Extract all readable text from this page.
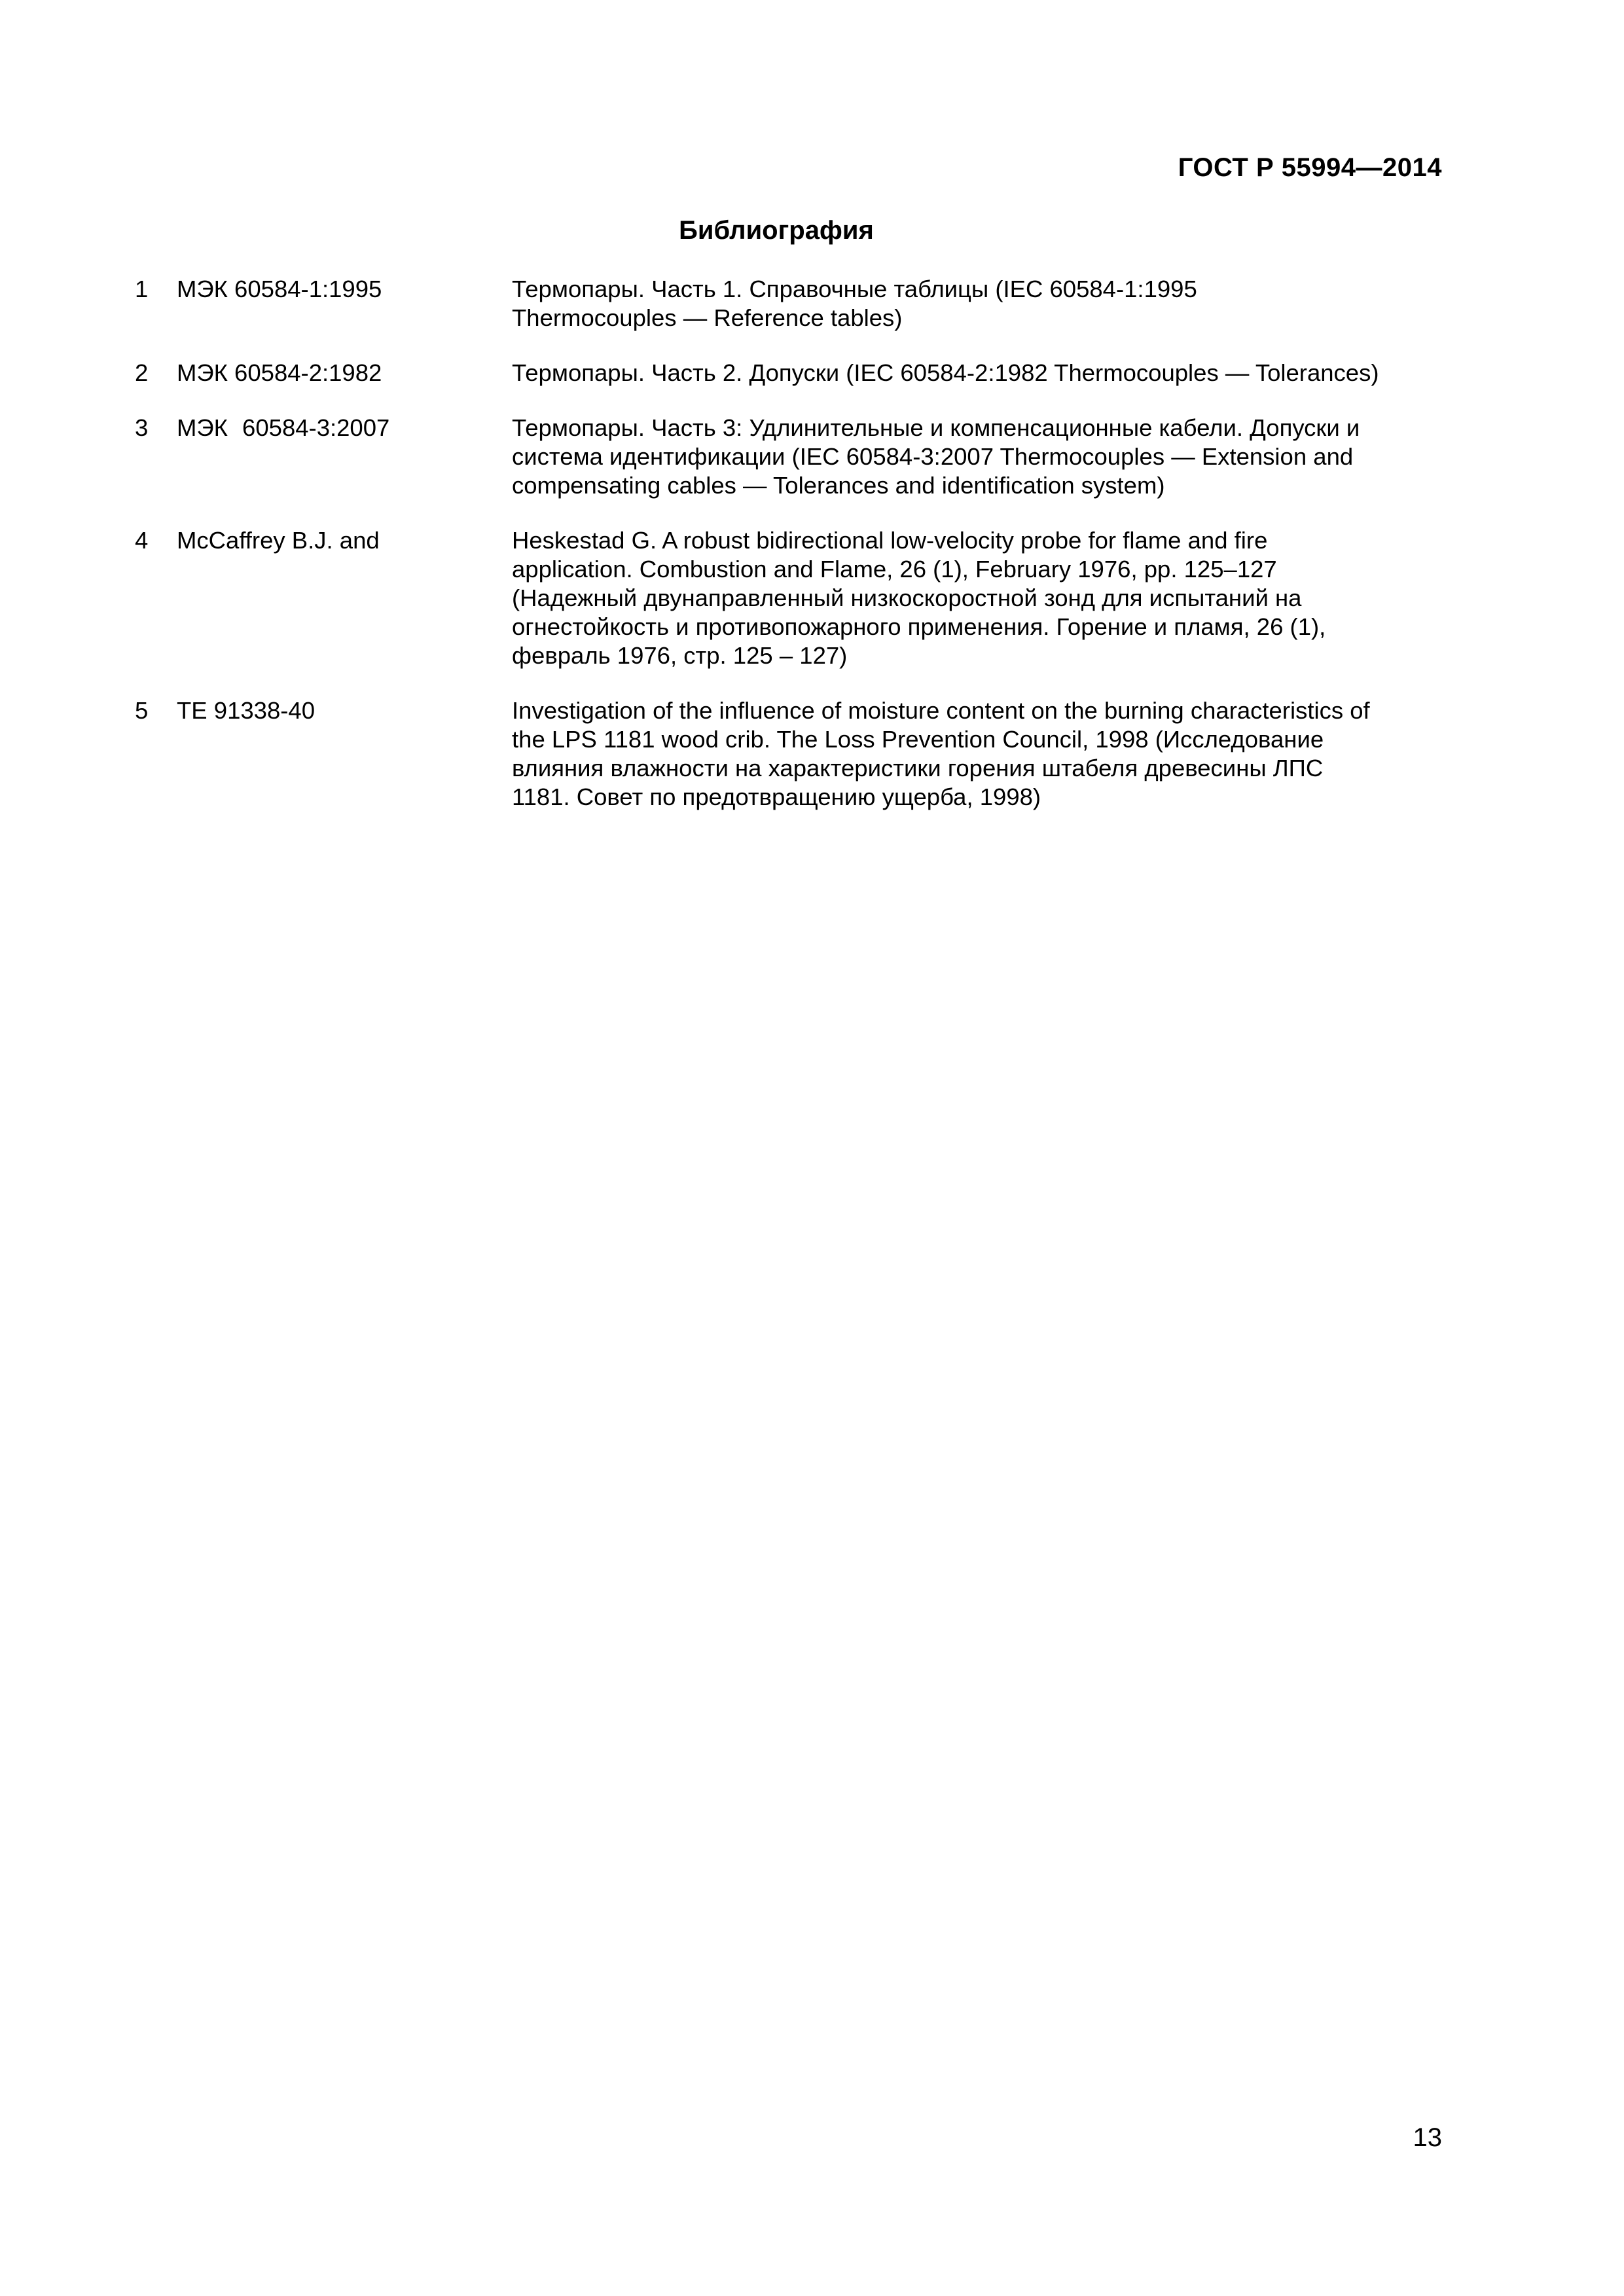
ГОСТ Р 55994—2014
Библиография
1 МЭК 60584-1:1995	Термопары. Часть 1. Справочные таблицы (IEC 60584-1:1995
Thermocouples — Reference tables)
2 МЭК 60584-2:1982	Термопары. Часть 2. Допуски (IEC 60584-2:1982 Thermocouples — Tolerances)
3 МЭК 60584-3:2007	Термопары. Часть 3: Удлинительные и компенсационные кабели. Допуски и
система идентификации (IEC 60584-3:2007 Thermocouples — Extension and
compensating cables — Tolerances and identification system)
4 McCaffrey B.J. and	Heskestad G. A robust bidirectional low-velocity probe for flame and fire
application. Combustion and Flame, 26 (1), February 1976, pp. 125–127
(Надежный двунаправленный низкоскоростной зонд для испытаний на
огнестойкость и противопожарного применения. Горение и пламя, 26 (1),
февраль 1976, стр. 125 – 127)
5 TE 91338-40	Investigation of the influence of moisture content on the burning characteristics of
the LPS 1181 wood crib. The Loss Prevention Council, 1998 (Исследование
влияния влажности на характеристики горения штабеля древесины ЛПС
1181. Совет по предотвращению ущерба, 1998)
13
